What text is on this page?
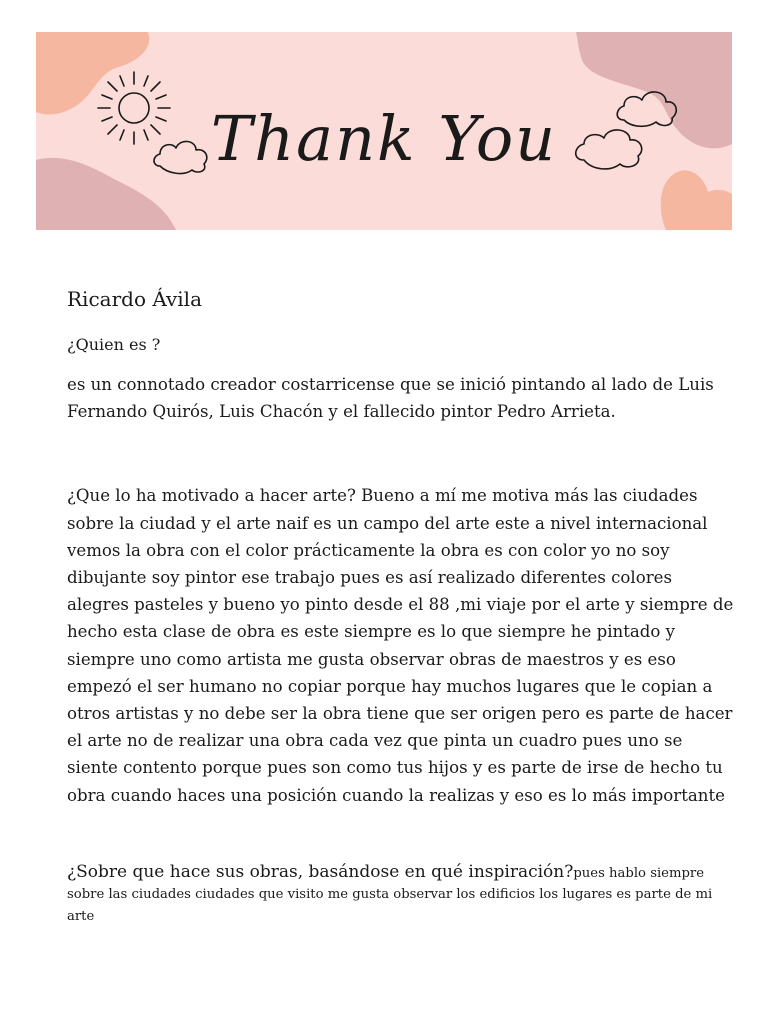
Thank You
Ricardo Ávila

¿Quien es ?

es un connotado creador costarricense que se inició pintando al lado de Luis Fernando Quirós, Luis Chacón y el fallecido pintor Pedro Arrieta.

¿Que lo ha motivado a hacer arte? Bueno a mí me motiva más las ciudades sobre la ciudad y el arte naif es un campo del arte este a nivel internacional vemos la obra con el color prácticamente la obra es con color yo no soy dibujante soy pintor ese trabajo pues es así realizado diferentes colores alegres pasteles y bueno yo pinto desde el 88 ,mi viaje por el arte y siempre de hecho esta clase de obra es este siempre es lo que siempre he pintado y siempre uno como artista me gusta observar obras de maestros y es eso empezó el ser humano no copiar porque hay muchos lugares que le copian a otros artistas y no debe ser la obra tiene que ser origen pero es parte de hacer el arte no de realizar una obra cada vez que pinta un cuadro pues uno se siente contento porque pues son como tus hijos y es parte de irse de hecho tu obra cuando haces una posición cuando la realizas y eso es lo más importante

¿Sobre que hace sus obras, basándose en qué inspiración?pues hablo siempre sobre las ciudades ciudades que visito me gusta observar los edificios los lugares es parte de mi arte
